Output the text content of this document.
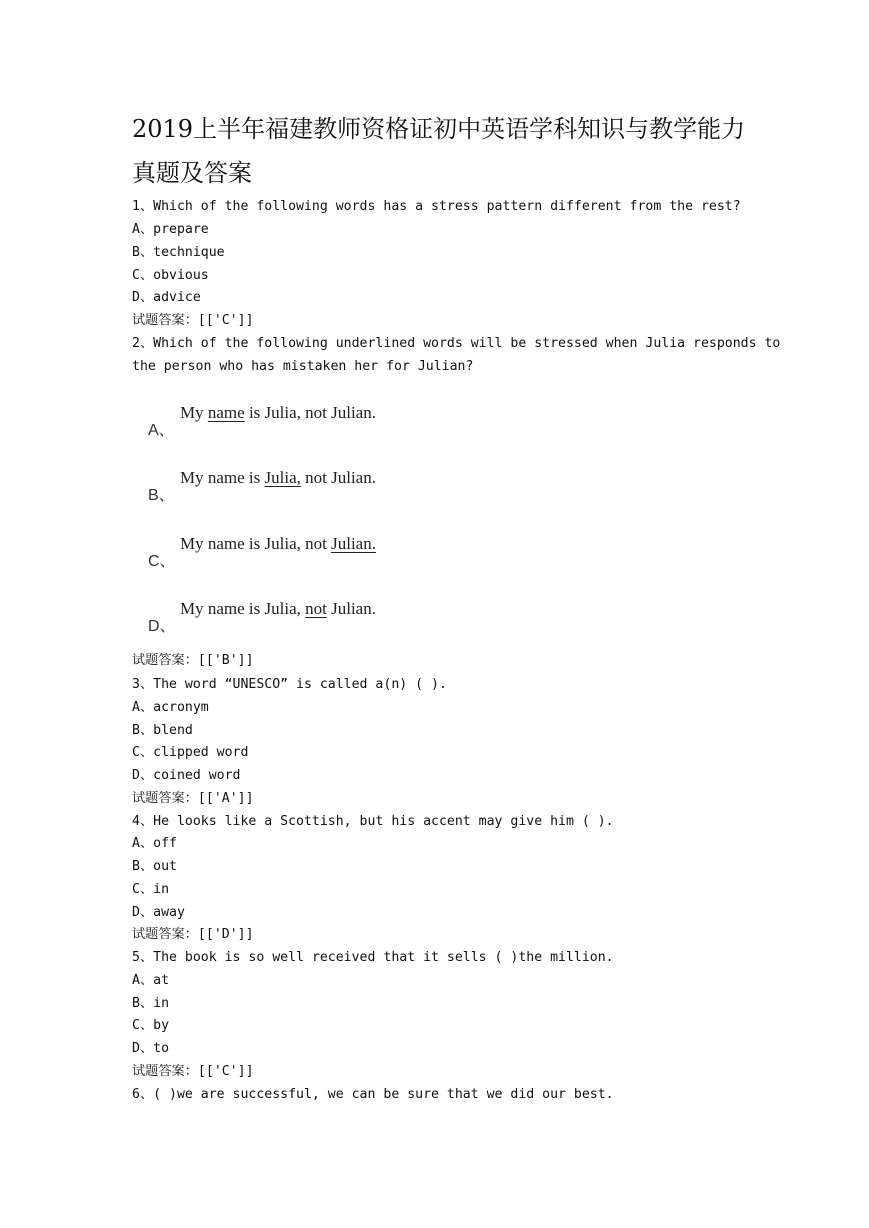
2019上半年福建教师资格证初中英语学科知识与教学能力
真题及答案
1、Which of the following words has a stress pattern different from the rest?
A、prepare
B、technique
C、obvious
D、advice
试题答案：[['C']]
2、Which of the following underlined words will be stressed when Julia responds to
the person who has mistaken her for Julian?
A、
My name is Julia, not Julian.
B、
My name is Julia, not Julian.
C、
My name is Julia, not Julian.
D、
My name is Julia, not Julian.
试题答案：[['B']]
3、The word “UNESCO” is called a(n) ( ).
A、acronym
B、blend
C、clipped word
D、coined word
试题答案：[['A']]
4、He looks like a Scottish, but his accent may give him ( ).
A、off
B、out
C、in
D、away
试题答案：[['D']]
5、The book is so well received that it sells ( )the million.
A、at
B、in
C、by
D、to
试题答案：[['C']]
6、( )we are successful, we can be sure that we did our best.
